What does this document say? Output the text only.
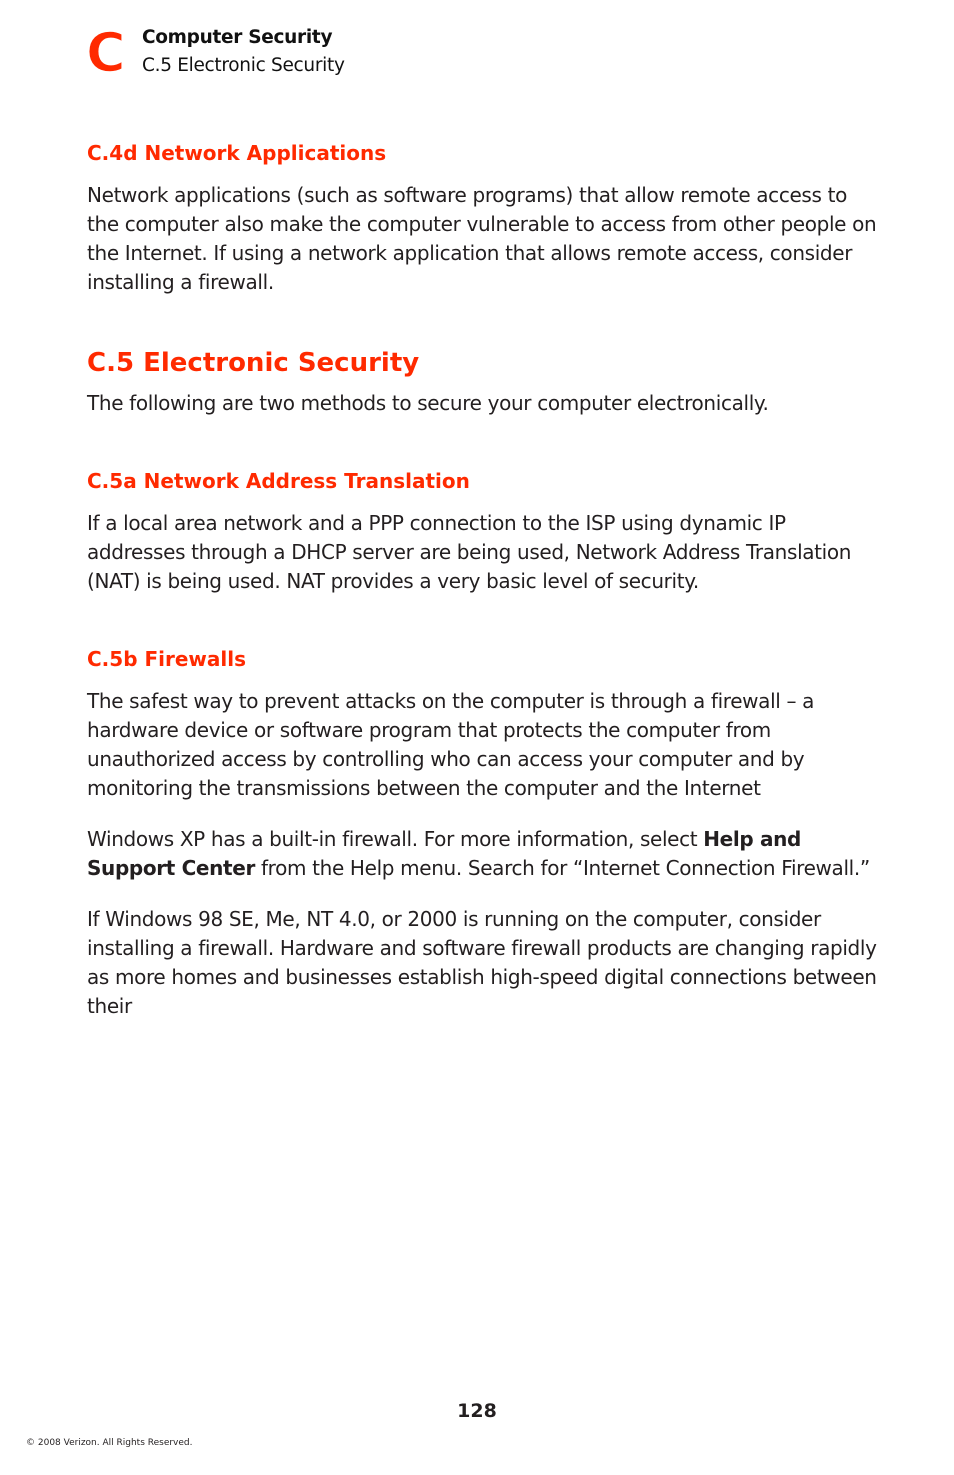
C Computer Security
C.5 Electronic Security
C.4d Network Applications

Network applications (such as software programs) that allow remote access to the computer also make the computer vulnerable to access from other people on the Internet. If using a network application that allows remote access, consider installing a firewall.

C.5 Electronic Security

The following are two methods to secure your computer electronically.

C.5a Network Address Translation

If a local area network and a PPP connection to the ISP using dynamic IP addresses through a DHCP server are being used, Network Address Translation (NAT) is being used. NAT provides a very basic level of security.

C.5b Firewalls

The safest way to prevent attacks on the computer is through a firewall – a hardware device or software program that protects the computer from unauthorized access by controlling who can access your computer and by monitoring the transmissions between the computer and the Internet

Windows XP has a built-in firewall. For more information, select Help and Support Center from the Help menu. Search for “Internet Connection Firewall.”

If Windows 98 SE, Me, NT 4.0, or 2000 is running on the computer, consider installing a firewall. Hardware and software firewall products are changing rapidly as more homes and businesses establish high-speed digital connections between their

128
© 2008 Verizon. All Rights Reserved.
